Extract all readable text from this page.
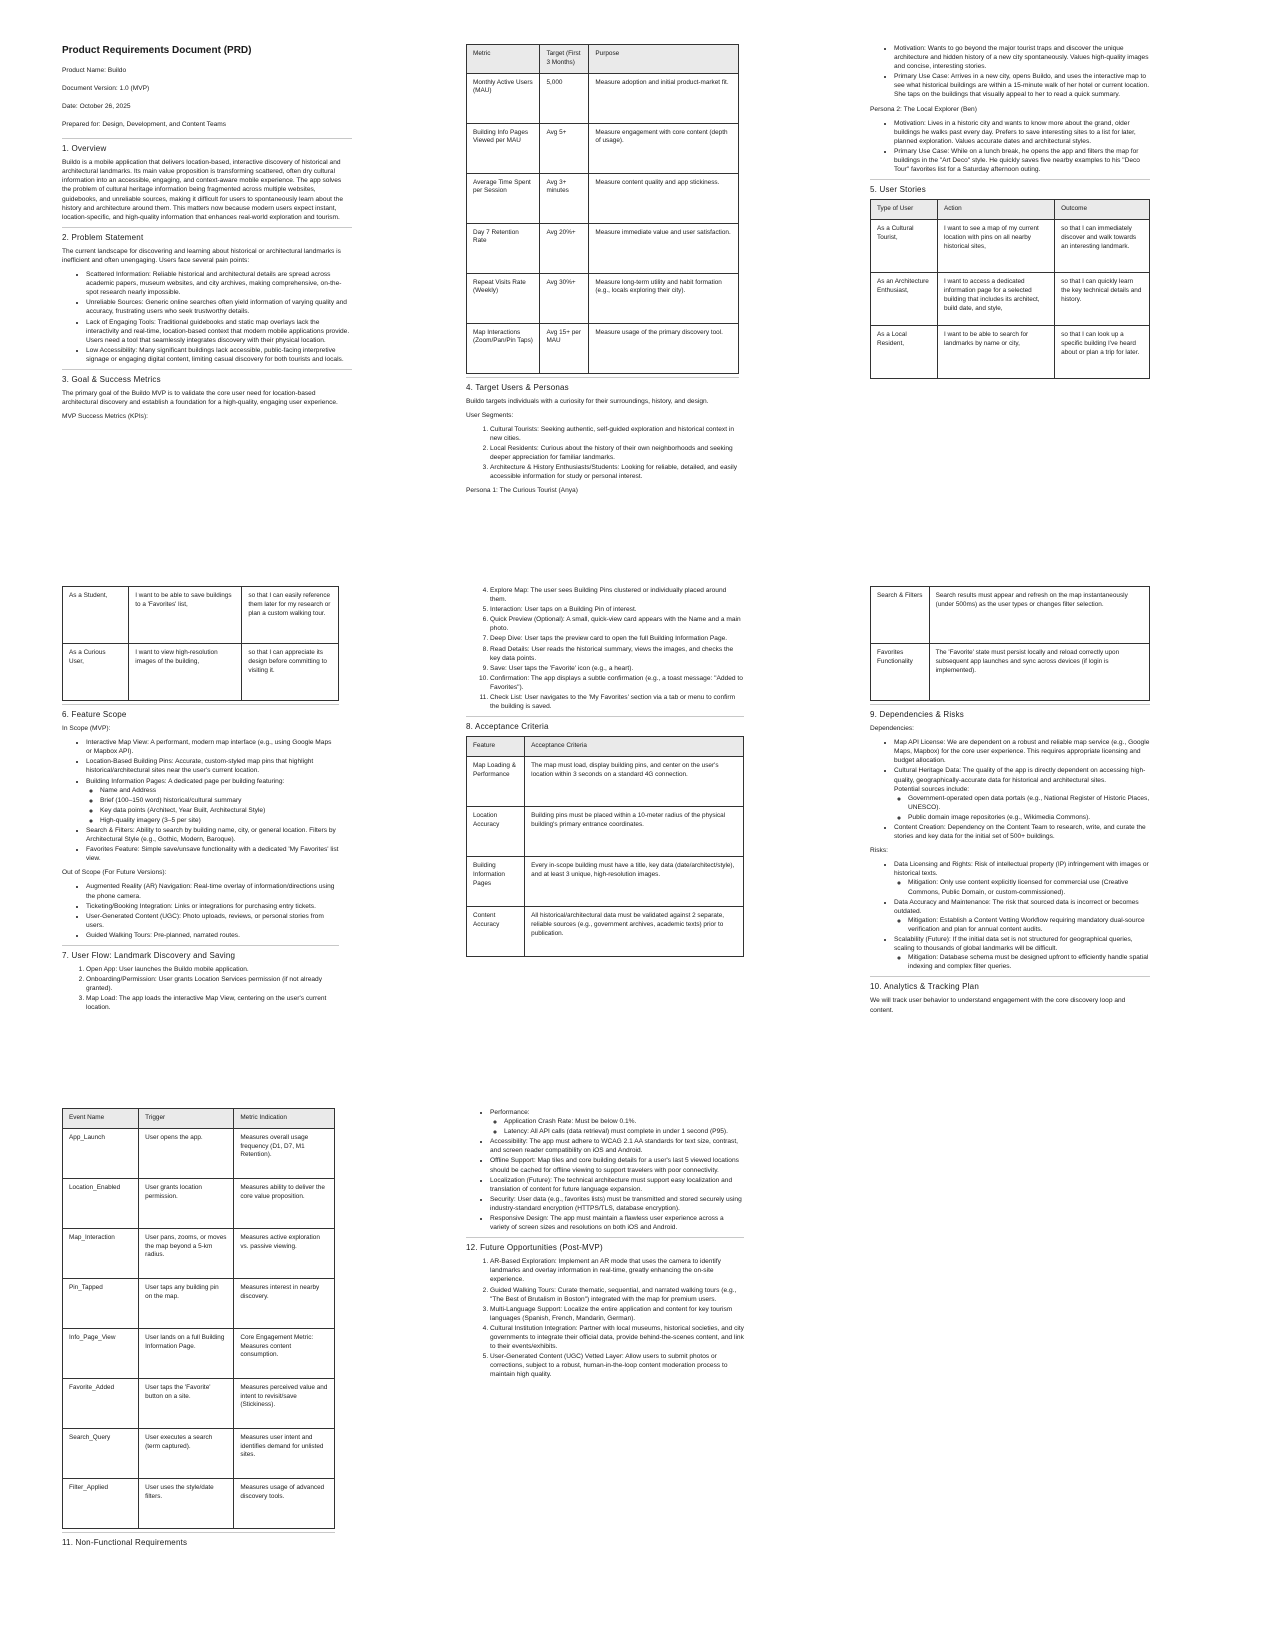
Product Requirements Document (PRD)

Product Name: Buildo

Document Version: 1.0 (MVP)

Date: October 26, 2025

Prepared for: Design, Development, and Content Teams

1. Overview

Buildo is a mobile application that delivers location-based, interactive discovery of historical and architectural landmarks. Its main value proposition is transforming scattered, often dry cultural information into an accessible, engaging, and context-aware mobile experience. The app solves the problem of cultural heritage information being fragmented across multiple websites, guidebooks, and unreliable sources, making it difficult for users to spontaneously learn about the history and architecture around them. This matters now because modern users expect instant, location-specific, and high-quality information that enhances real-world exploration and tourism.

2. Problem Statement

The current landscape for discovering and learning about historical or architectural landmarks is inefficient and often unengaging. Users face several pain points:

• Scattered Information: Reliable historical and architectural details are spread across academic papers, museum websites, and city archives, making comprehensive, on-the-spot research nearly impossible.
• Unreliable Sources: Generic online searches often yield information of varying quality and accuracy, frustrating users who seek trustworthy details.
• Lack of Engaging Tools: Traditional guidebooks and static map overlays lack the interactivity and real-time, location-based context that modern mobile applications provide. Users need a tool that seamlessly integrates discovery with their physical location.
• Low Accessibility: Many significant buildings lack accessible, public-facing interpretive signage or engaging digital content, limiting casual discovery for both tourists and locals.
3. Goal & Success Metrics

The primary goal of the Buildo MVP is to validate the core user need for location-based architectural discovery and establish a foundation for a high-quality, engaging user experience.

MVP Success Metrics (KPIs):

Metric	Target (First 3 Months)	Purpose
Monthly Active Users (MAU)	5,000	Measure adoption and initial product-market fit.
Building Info Pages Viewed per MAU	Avg 5+	Measure engagement with core content (depth of usage).
Average Time Spent per Session	Avg 3+ minutes	Measure content quality and app stickiness.
Day 7 Retention Rate	Avg 20%+	Measure immediate value and user satisfaction.
Repeat Visits Rate (Weekly)	Avg 30%+	Measure long-term utility and habit formation (e.g., locals exploring their city).
Map Interactions (Zoom/Pan/Pin Taps)	Avg 15+ per MAU	Measure usage of the primary discovery tool.
4. Target Users & Personas

Buildo targets individuals with a curiosity for their surroundings, history, and design.

User Segments:

1. Cultural Tourists: Seeking authentic, self-guided exploration and historical context in new cities.
2. Local Residents: Curious about the history of their own neighborhoods and seeking deeper appreciation for familiar landmarks.
3. Architecture & History Enthusiasts/Students: Looking for reliable, detailed, and easily accessible information for study or personal interest.

Persona 1: The Curious Tourist (Anya)

• Motivation: Wants to go beyond the major tourist traps and discover the unique architecture and hidden history of a new city spontaneously. Values high-quality images and concise, interesting stories.
• Primary Use Case: Arrives in a new city, opens Buildo, and uses the interactive map to see what historical buildings are within a 15-minute walk of her hotel or current location. She taps on the buildings that visually appeal to her to read a quick summary.

Persona 2: The Local Explorer (Ben)

• Motivation: Lives in a historic city and wants to know more about the grand, older buildings he walks past every day. Prefers to save interesting sites to a list for later, planned exploration. Values accurate dates and architectural styles.
• Primary Use Case: While on a lunch break, he opens the app and filters the map for buildings in the "Art Deco" style. He quickly saves five nearby examples to his "Deco Tour" favorites list for a Saturday afternoon outing.
5. User Stories
Type of User	Action	Outcome
As a Cultural Tourist,	I want to see a map of my current location with pins on all nearby historical sites,	so that I can immediately discover and walk towards an interesting landmark.
As an Architecture Enthusiast,	I want to access a dedicated information page for a selected building that includes its architect, build date, and style,	so that I can quickly learn the key technical details and history.
As a Local Resident,	I want to be able to search for landmarks by name or city,	so that I can look up a specific building I've heard about or plan a trip for later.
As a Student,	I want to be able to save buildings to a 'Favorites' list,	so that I can easily reference them later for my research or plan a custom walking tour.
As a Curious User,	I want to view high-resolution images of the building,	so that I can appreciate its design before committing to visiting it.
6. Feature Scope

In Scope (MVP):

• Interactive Map View: A performant, modern map interface (e.g., using Google Maps or Mapbox API).
• Location-Based Building Pins: Accurate, custom-styled map pins that highlight historical/architectural sites near the user's current location.
• Building Information Pages: A dedicated page per building featuring:
◦ Name and Address
◦ Brief (100–150 word) historical/cultural summary
◦ Key data points (Architect, Year Built, Architectural Style)
◦ High-quality imagery (3–5 per site)
• Search & Filters: Ability to search by building name, city, or general location. Filters by Architectural Style (e.g., Gothic, Modern, Baroque).
• Favorites Feature: Simple save/unsave functionality with a dedicated 'My Favorites' list view.

Out of Scope (For Future Versions):

• Augmented Reality (AR) Navigation: Real-time overlay of information/directions using the phone camera.
• Ticketing/Booking Integration: Links or integrations for purchasing entry tickets.
• User-Generated Content (UGC): Photo uploads, reviews, or personal stories from users.
• Guided Walking Tours: Pre-planned, narrated routes.
7. User Flow: Landmark Discovery and Saving
1. Open App: User launches the Buildo mobile application.
2. Onboarding/Permission: User grants Location Services permission (if not already granted).
3. Map Load: The app loads the interactive Map View, centering on the user's current location.
4. Explore Map: The user sees Building Pins clustered or individually placed around them.
5. Interaction: User taps on a Building Pin of interest.
6. Quick Preview (Optional): A small, quick-view card appears with the Name and a main photo.
7. Deep Dive: User taps the preview card to open the full Building Information Page.
8. Read Details: User reads the historical summary, views the images, and checks the key data points.
9. Save: User taps the 'Favorite' icon (e.g., a heart).
10. Confirmation: The app displays a subtle confirmation (e.g., a toast message: "Added to Favorites").
11. Check List: User navigates to the 'My Favorites' section via a tab or menu to confirm the building is saved.
8. Acceptance Criteria
Feature	Acceptance Criteria
Map Loading & Performance	The map must load, display building pins, and center on the user's location within 3 seconds on a standard 4G connection.
Location Accuracy	Building pins must be placed within a 10-meter radius of the physical building's primary entrance coordinates.
Building Information Pages	Every in-scope building must have a title, key data (date/architect/style), and at least 3 unique, high-resolution images.
Content Accuracy	All historical/architectural data must be validated against 2 separate, reliable sources (e.g., government archives, academic texts) prior to publication.
Search & Filters	Search results must appear and refresh on the map instantaneously (under 500ms) as the user types or changes filter selection.
Favorites Functionality	The 'Favorite' state must persist locally and reload correctly upon subsequent app launches and sync across devices (if login is implemented).
9. Dependencies & Risks

Dependencies:

• Map API License: We are dependent on a robust and reliable map service (e.g., Google Maps, Mapbox) for the core user experience. This requires appropriate licensing and budget allocation.
• Cultural Heritage Data: The quality of the app is directly dependent on accessing high-quality, geographically-accurate data for historical and architectural sites.
Potential sources include:
◦ Government-operated open data portals (e.g., National Register of Historic Places, UNESCO).
◦ Public domain image repositories (e.g., Wikimedia Commons).
• Content Creation: Dependency on the Content Team to research, write, and curate the stories and key data for the initial set of 500+ buildings.

Risks:

• Data Licensing and Rights: Risk of intellectual property (IP) infringement with images or historical texts.
◦ Mitigation: Only use content explicitly licensed for commercial use (Creative Commons, Public Domain, or custom-commissioned).
• Data Accuracy and Maintenance: The risk that sourced data is incorrect or becomes outdated.
◦ Mitigation: Establish a Content Vetting Workflow requiring mandatory dual-source verification and plan for annual content audits.
• Scalability (Future): If the initial data set is not structured for geographical queries, scaling to thousands of global landmarks will be difficult.
◦ Mitigation: Database schema must be designed upfront to efficiently handle spatial indexing and complex filter queries.
10. Analytics & Tracking Plan

We will track user behavior to understand engagement with the core discovery loop and content.

Event Name	Trigger	Metric Indication
App_Launch	User opens the app.	Measures overall usage frequency (D1, D7, M1 Retention).
Location_Enabled	User grants location permission.	Measures ability to deliver the core value proposition.
Map_Interaction	User pans, zooms, or moves the map beyond a 5-km radius.	Measures active exploration vs. passive viewing.
Pin_Tapped	User taps any building pin on the map.	Measures interest in nearby discovery.
Info_Page_View	User lands on a full Building Information Page.	Core Engagement Metric: Measures content consumption.
Favorite_Added	User taps the 'Favorite' button on a site.	Measures perceived value and intent to revisit/save (Stickiness).
Search_Query	User executes a search (term captured).	Measures user intent and identifies demand for unlisted sites.
Filter_Applied	User uses the style/date filters.	Measures usage of advanced discovery tools.
11. Non-Functional Requirements
• Performance:
◦ Application Crash Rate: Must be below 0.1%.
◦ Latency: All API calls (data retrieval) must complete in under 1 second (P95).
• Accessibility: The app must adhere to WCAG 2.1 AA standards for text size, contrast, and screen reader compatibility on iOS and Android.
• Offline Support: Map tiles and core building details for a user's last 5 viewed locations should be cached for offline viewing to support travelers with poor connectivity.
• Localization (Future): The technical architecture must support easy localization and translation of content for future language expansion.
• Security: User data (e.g., favorites lists) must be transmitted and stored securely using industry-standard encryption (HTTPS/TLS, database encryption).
• Responsive Design: The app must maintain a flawless user experience across a variety of screen sizes and resolutions on both iOS and Android.
12. Future Opportunities (Post-MVP)
1. AR-Based Exploration: Implement an AR mode that uses the camera to identify landmarks and overlay information in real-time, greatly enhancing the on-site experience.
2. Guided Walking Tours: Curate thematic, sequential, and narrated walking tours (e.g., "The Best of Brutalism in Boston") integrated with the map for premium users.
3. Multi-Language Support: Localize the entire application and content for key tourism languages (Spanish, French, Mandarin, German).
4. Cultural Institution Integration: Partner with local museums, historical societies, and city governments to integrate their official data, provide behind-the-scenes content, and link to their events/exhibits.
5. User-Generated Content (UGC) Vetted Layer: Allow users to submit photos or corrections, subject to a robust, human-in-the-loop content moderation process to maintain high quality.
